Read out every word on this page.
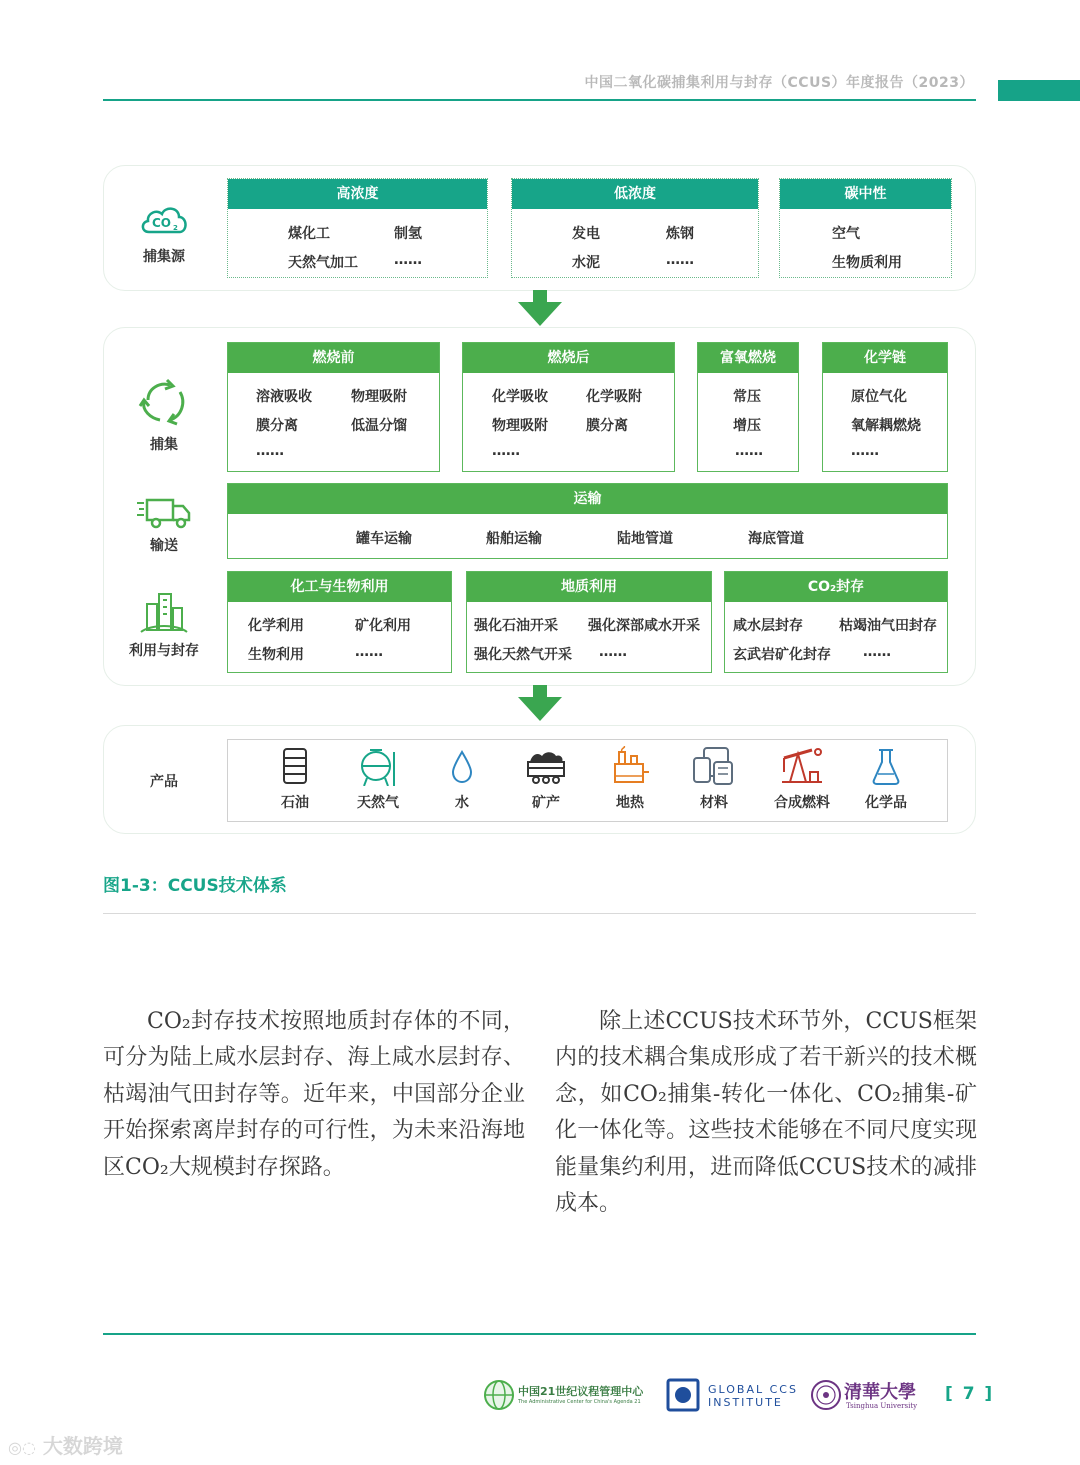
中国二氧化碳捕集利用与封存（CCUS）年度报告（2023）
CO 2
捕集源
高浓度
煤化工	制氢
天然气加工	……
低浓度
发电	炼钢
水泥	……
碳中性
空气
生物质利用
捕集
燃烧前
溶液吸收	物理吸附
膜分离	低温分馏
……
燃烧后
化学吸收	化学吸附
物理吸附	膜分离
……
富氧燃烧
常压
增压
……
化学链
原位气化
氧解耦燃烧
……
输送
运输
罐车运输	船舶运输	陆地管道	海底管道
利用与封存
化工与生物利用
化学利用	矿化利用
生物利用	……
地质利用
强化石油开采 强化深部咸水开采
强化天然气开采 ……
CO₂封存
咸水层封存	枯竭油气田封存
玄武岩矿化封存 ……
产品
石油	天然气	水	矿产	地热	材料	合成燃料	化学品
图1-3：CCUS技术体系
CO₂封存技术按照地质封存体的不同，可分为陆上咸水层封存、海上咸水层封存、枯竭油气田封存等。近年来，中国部分企业开始探索离岸封存的可行性，为未来沿海地区CO₂大规模封存探路。
除上述CCUS技术环节外，CCUS框架内的技术耦合集成形成了若干新兴的技术概念，如CO₂捕集-转化一体化、CO₂捕集-矿化一体化等。这些技术能够在不同尺度实现能量集约利用，进而降低CCUS技术的减排成本。
中国21世纪议程管理中心
The Administrative Center for China's Agenda 21
GLOBAL CCS
INSTITUTE	清華大學
Tsinghua University
[ 7 ]
◎◌ 大数跨境
